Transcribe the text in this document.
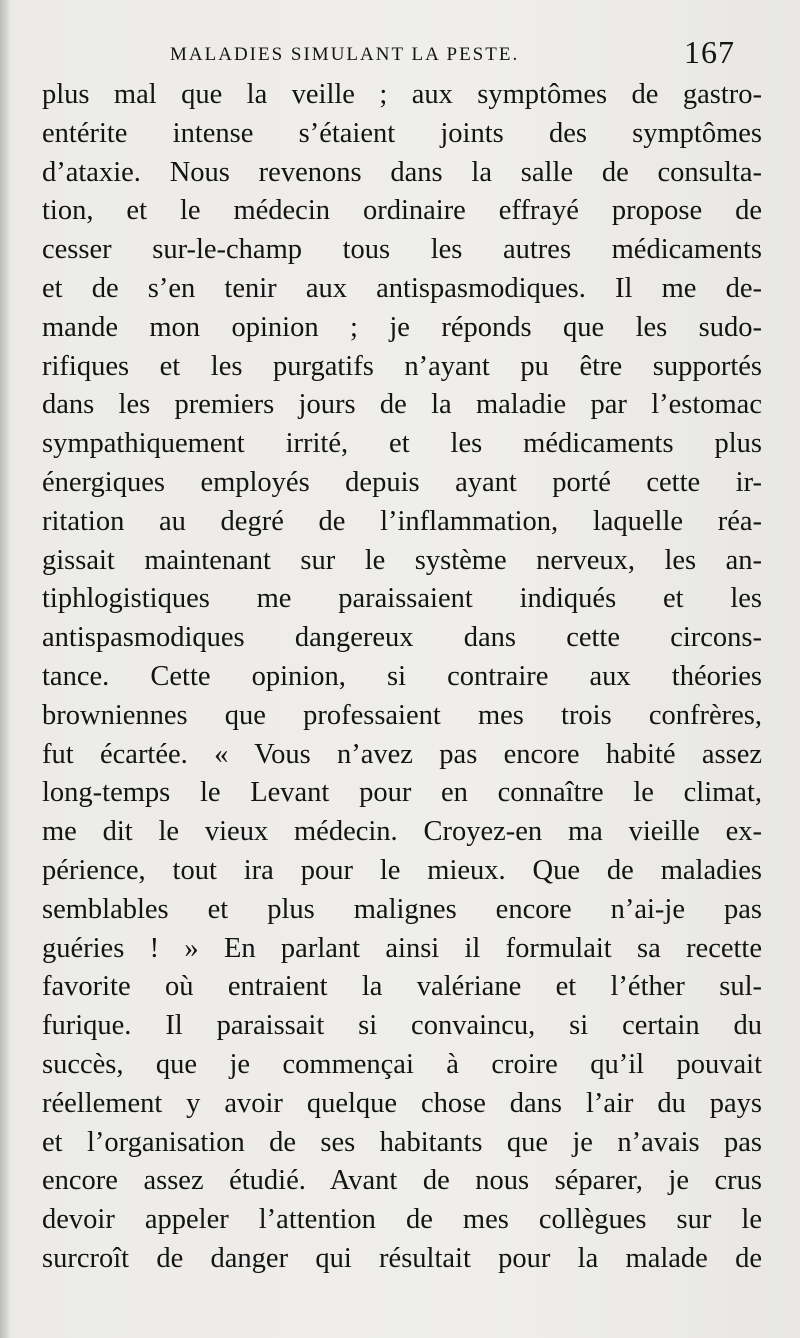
MALADIES SIMULANT LA PESTE.	167
plus mal que la veille ; aux symptômes de gastro-
entérite intense s’étaient joints des symptômes
d’ataxie. Nous revenons dans la salle de consulta-
tion, et le médecin ordinaire effrayé propose de
cesser sur-le-champ tous les autres médicaments
et de s’en tenir aux antispasmodiques. Il me de-
mande mon opinion ; je réponds que les sudo-
rifiques et les purgatifs n’ayant pu être supportés
dans les premiers jours de la maladie par l’estomac
sympathiquement irrité, et les médicaments plus
énergiques employés depuis ayant porté cette ir-
ritation au degré de l’inflammation, laquelle réa-
gissait maintenant sur le système nerveux, les an-
tiphlogistiques me paraissaient indiqués et les
antispasmodiques dangereux dans cette circons-
tance. Cette opinion, si contraire aux théories
browniennes que professaient mes trois confrères,
fut écartée. « Vous n’avez pas encore habité assez
long-temps le Levant pour en connaître le climat,
me dit le vieux médecin. Croyez-en ma vieille ex-
périence, tout ira pour le mieux. Que de maladies
semblables et plus malignes encore n’ai-je pas
guéries ! » En parlant ainsi il formulait sa recette
favorite où entraient la valériane et l’éther sul-
furique. Il paraissait si convaincu, si certain du
succès, que je commençai à croire qu’il pouvait
réellement y avoir quelque chose dans l’air du pays
et l’organisation de ses habitants que je n’avais pas
encore assez étudié. Avant de nous séparer, je crus
devoir appeler l’attention de mes collègues sur le
surcroît de danger qui résultait pour la malade de
